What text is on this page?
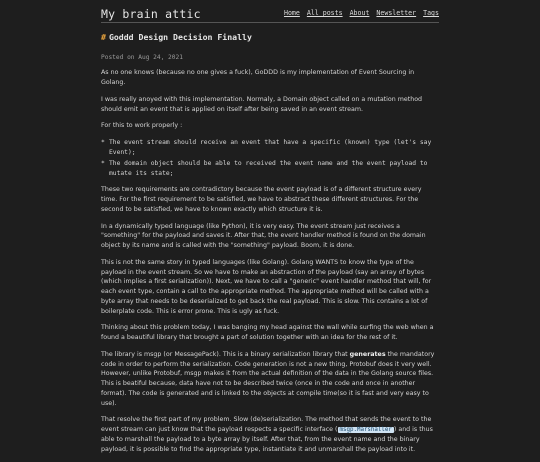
My brain attic	Home All posts About Newsletter Tags
# Goddd Design Decision Finally
Posted on Aug 24, 2021

As no one knows (because no one gives a fuck), GoDDD is my implementation of Event Sourcing in Golang.

I was really anoyed with this implementation. Normaly, a Domain object called on a mutation method should emit an event that is applied on itself after being saved in an event stream.

For this to work properly :

* The event stream should receive an event that have a specific (known) type (let's say Event);
* The domain object should be able to received the event name and the event payload to mutate its state;

These two requirements are contradictory because the event payload is of a different structure every time. For the first requirement to be satisfied, we have to abstract these different structures. For the second to be satisfied, we have to known exactly which structure it is.

In a dynamically typed language (like Python), it is very easy. The event stream just receives a "something" for the payload and saves it. After that, the event handler method is found on the domain object by its name and is called with the "something" payload. Boom, it is done.

This is not the same story in typed languages (like Golang). Golang WANTS to know the type of the payload in the event stream. So we have to make an abstraction of the payload (say an array of bytes (which implies a first serialization)). Next, we have to call a "generic" event handler method that will, for each event type, contain a call to the appropriate method. The appropriate method will be called with a byte array that needs to be deserialized to get back the real payload. This is slow. This contains a lot of boilerplate code. This is error prone. This is ugly as fuck.

Thinking about this problem today, I was banging my head against the wall while surfing the web when a found a beautiful library that brought a part of solution together with an idea for the rest of it.

The library is msgp (or MessagePack). This is a binary serialization library that generates the mandatory code in order to perform the serialization. Code generation is not a new thing, Protobuf does it very well. However, unlike Protobuf, msgp makes it from the actual definition of the data in the Golang source files. This is beatiful because, data have not to be described twice (once in the code and once in another format). The code is generated and is linked to the objects at compile time(so it is fast and very easy to use).

That resolve the first part of my problem. Slow (de)serialization. The method that sends the event to the event stream can just know that the payload respects a specific interface ( msgp.Marshaller ) and is thus able to marshall the payload to a byte array by itself. After that, from the event name and the binary payload, it is possible to find the appropriate type, instantiate it and unmarshall the payload into it.
